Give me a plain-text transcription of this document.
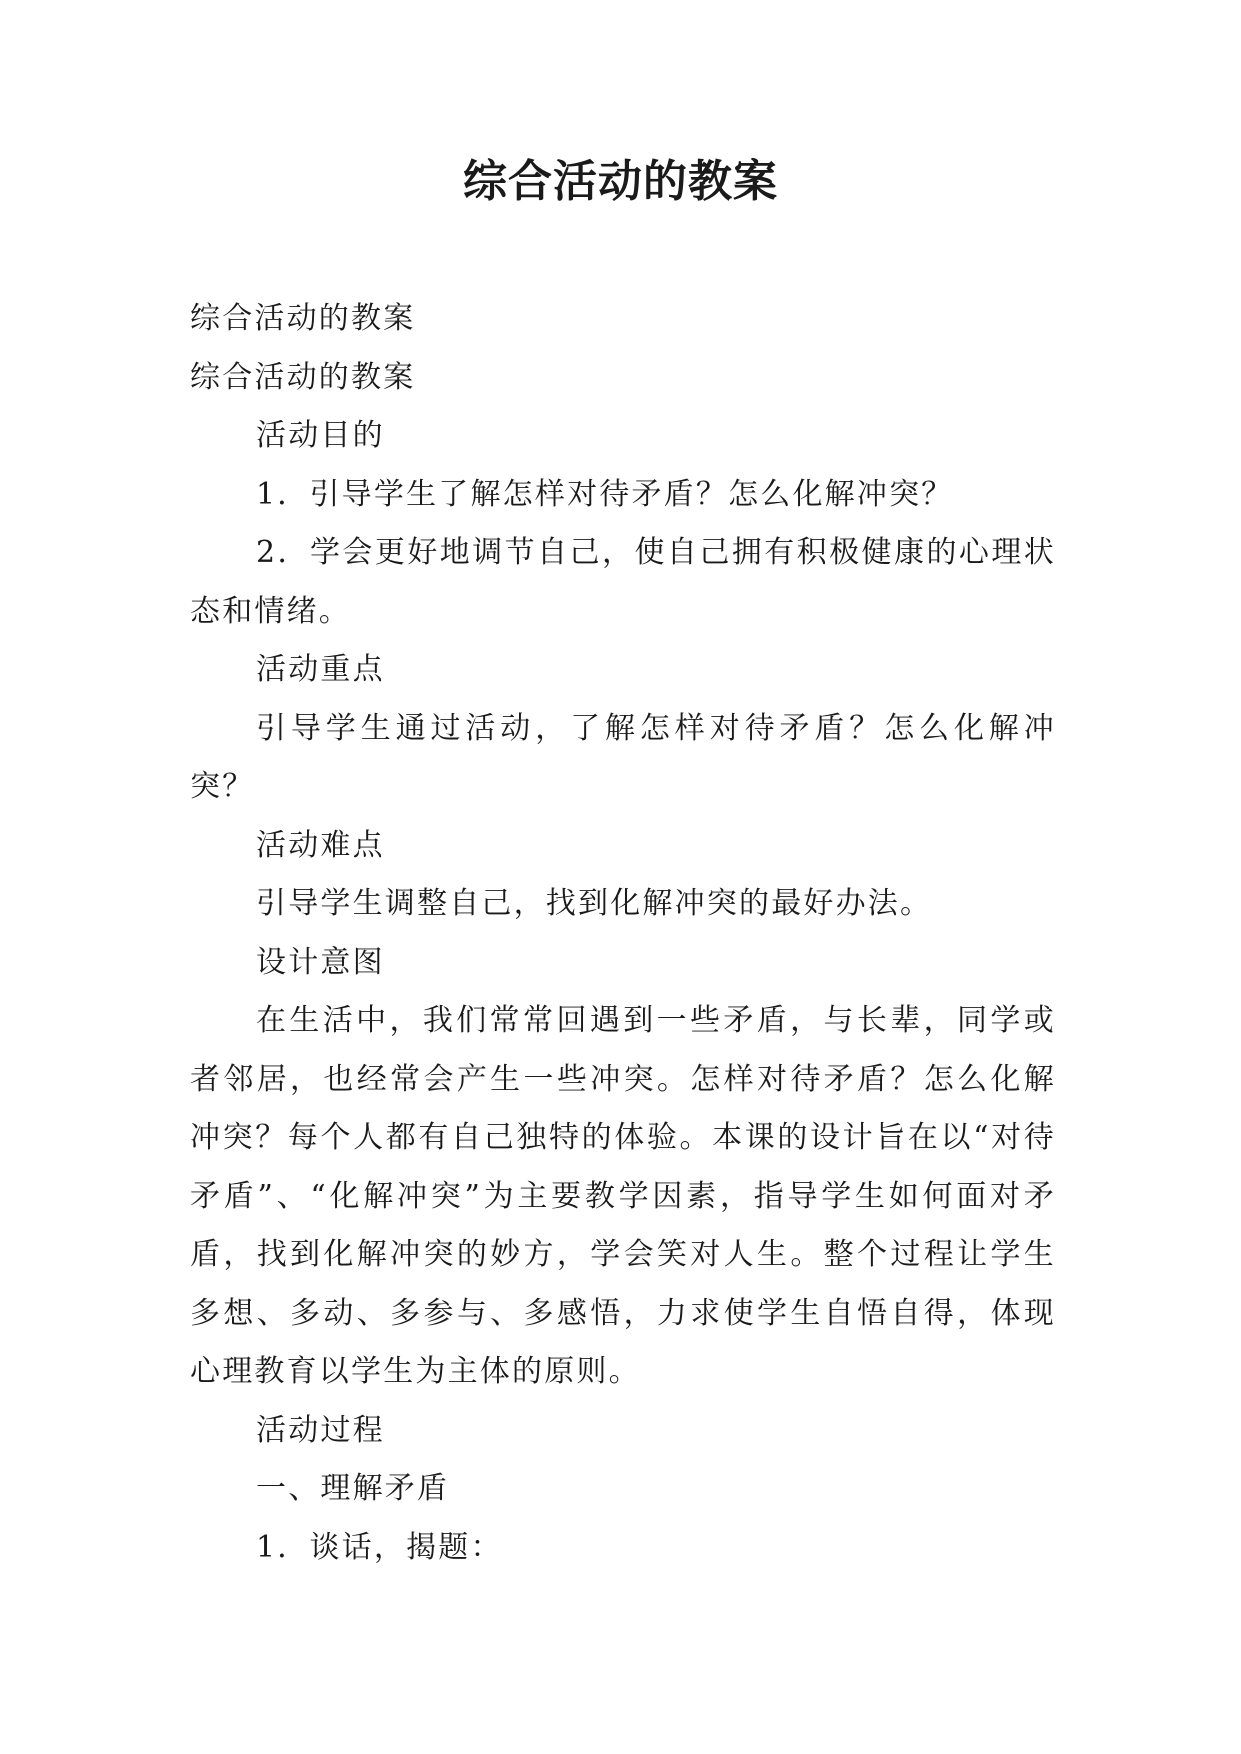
综合活动的教案

综合活动的教案

综合活动的教案

活动目的

1．引导学生了解怎样对待矛盾？怎么化解冲突？

2．学会更好地调节自己，使自己拥有积极健康的心理状态和情绪。

活动重点

引导学生通过活动，了解怎样对待矛盾？怎么化解冲突？

活动难点

引导学生调整自己，找到化解冲突的最好办法。

设计意图

在生活中，我们常常回遇到一些矛盾，与长辈，同学或者邻居，也经常会产生一些冲突。怎样对待矛盾？怎么化解冲突？每个人都有自己独特的体验。本课的设计旨在以“对待矛盾”、“化解冲突”为主要教学因素，指导学生如何面对矛盾，找到化解冲突的妙方，学会笑对人生。整个过程让学生多想、多动、多参与、多感悟，力求使学生自悟自得，体现心理教育以学生为主体的原则。

活动过程

一、理解矛盾

1．谈话，揭题：
